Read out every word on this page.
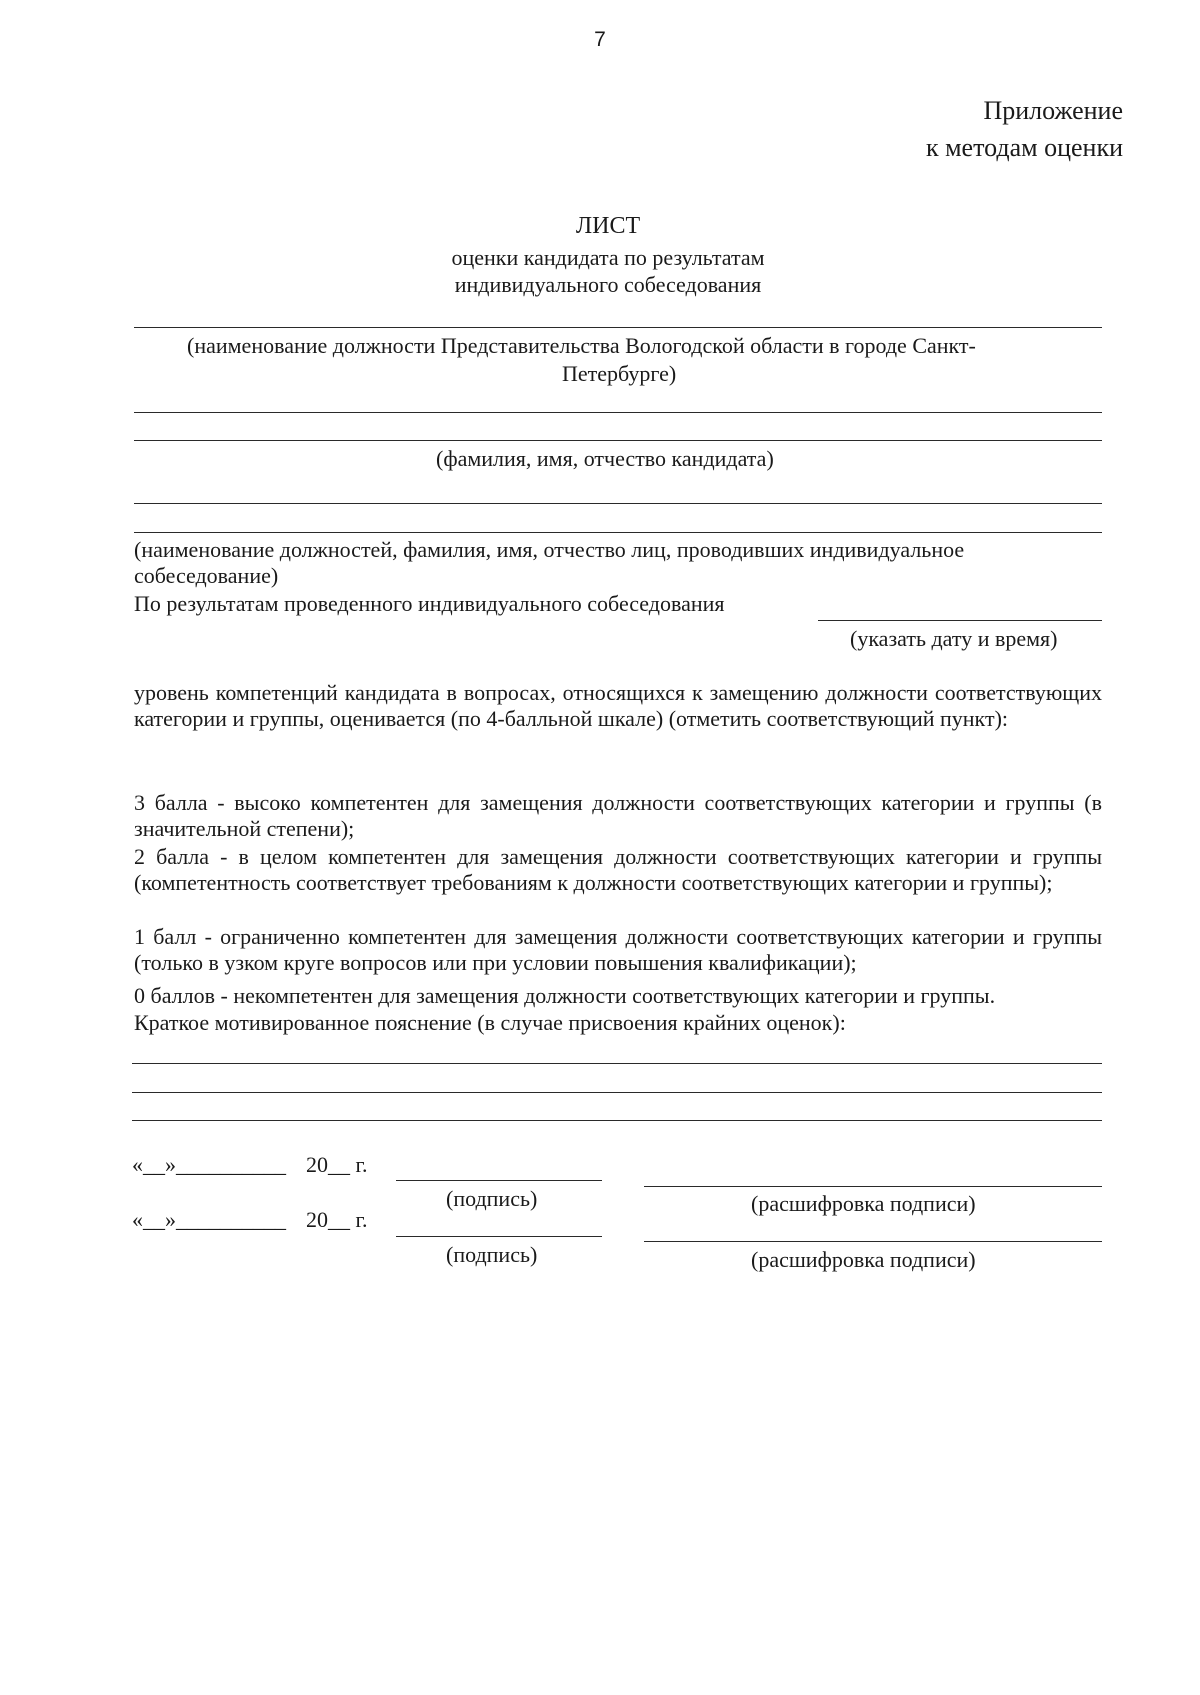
7
Приложение
к методам оценки
ЛИСТ
оценки кандидата по результатам
индивидуального собеседования
(наименование должности Представительства Вологодской области в городе Санкт-
Петербурге)
(фамилия, имя, отчество кандидата)
(наименование должностей, фамилия, имя, отчество лиц, проводивших индивидуальное
собеседование)
По результатам проведенного индивидуального собеседования
(указать дату и время)
уровень компетенций кандидата в вопросах, относящихся к замещению должности соответствующих категории и группы, оценивается (по 4-балльной шкале) (отметить соответствующий пункт):
3 балла - высоко компетентен для замещения должности соответствующих категории и группы (в значительной степени);
2 балла - в целом компетентен для замещения должности соответствующих категории и группы (компетентность соответствует требованиям к должности соответствующих категории и группы);
1 балл - ограниченно компетентен для замещения должности соответствующих категории и группы (только в узком круге вопросов или при условии повышения квалификации);
0 баллов - некомпетентен для замещения должности соответствующих категории и группы.
Краткое мотивированное пояснение (в случае присвоения крайних оценок):
«__»__________ 20__ г.
(подпись)	(расшифровка подписи)
«__»__________ 20__ г.
(подпись)	(расшифровка подписи)
